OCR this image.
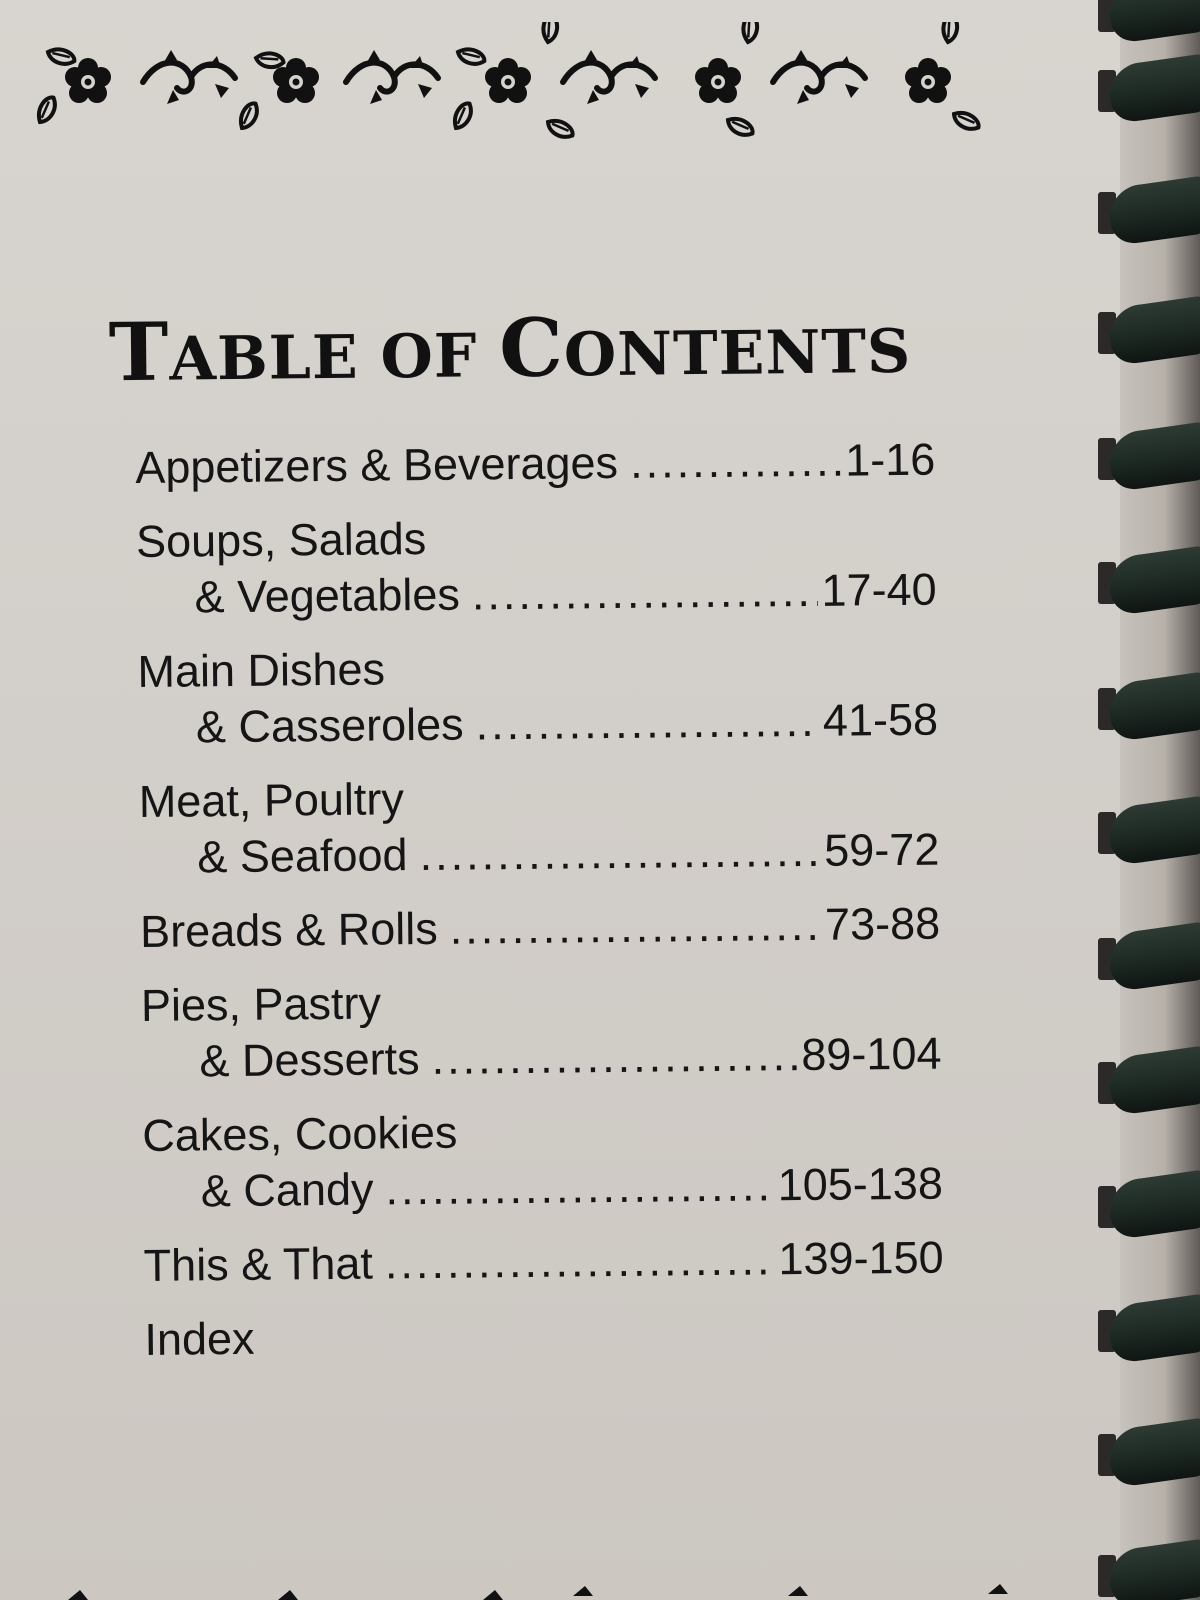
TABLE OF CONTENTS
Appetizers & Beverages .....	1-16
Soups, Salads
& Vegetables .....	17-40
Main Dishes
& Casseroles .....	41-58
Meat, Poultry
& Seafood .....	59-72
Breads & Rolls .....	73-88
Pies, Pastry
& Desserts .....	89-104
Cakes, Cookies
& Candy .....	105-138
This & That .....	139-150
Index
